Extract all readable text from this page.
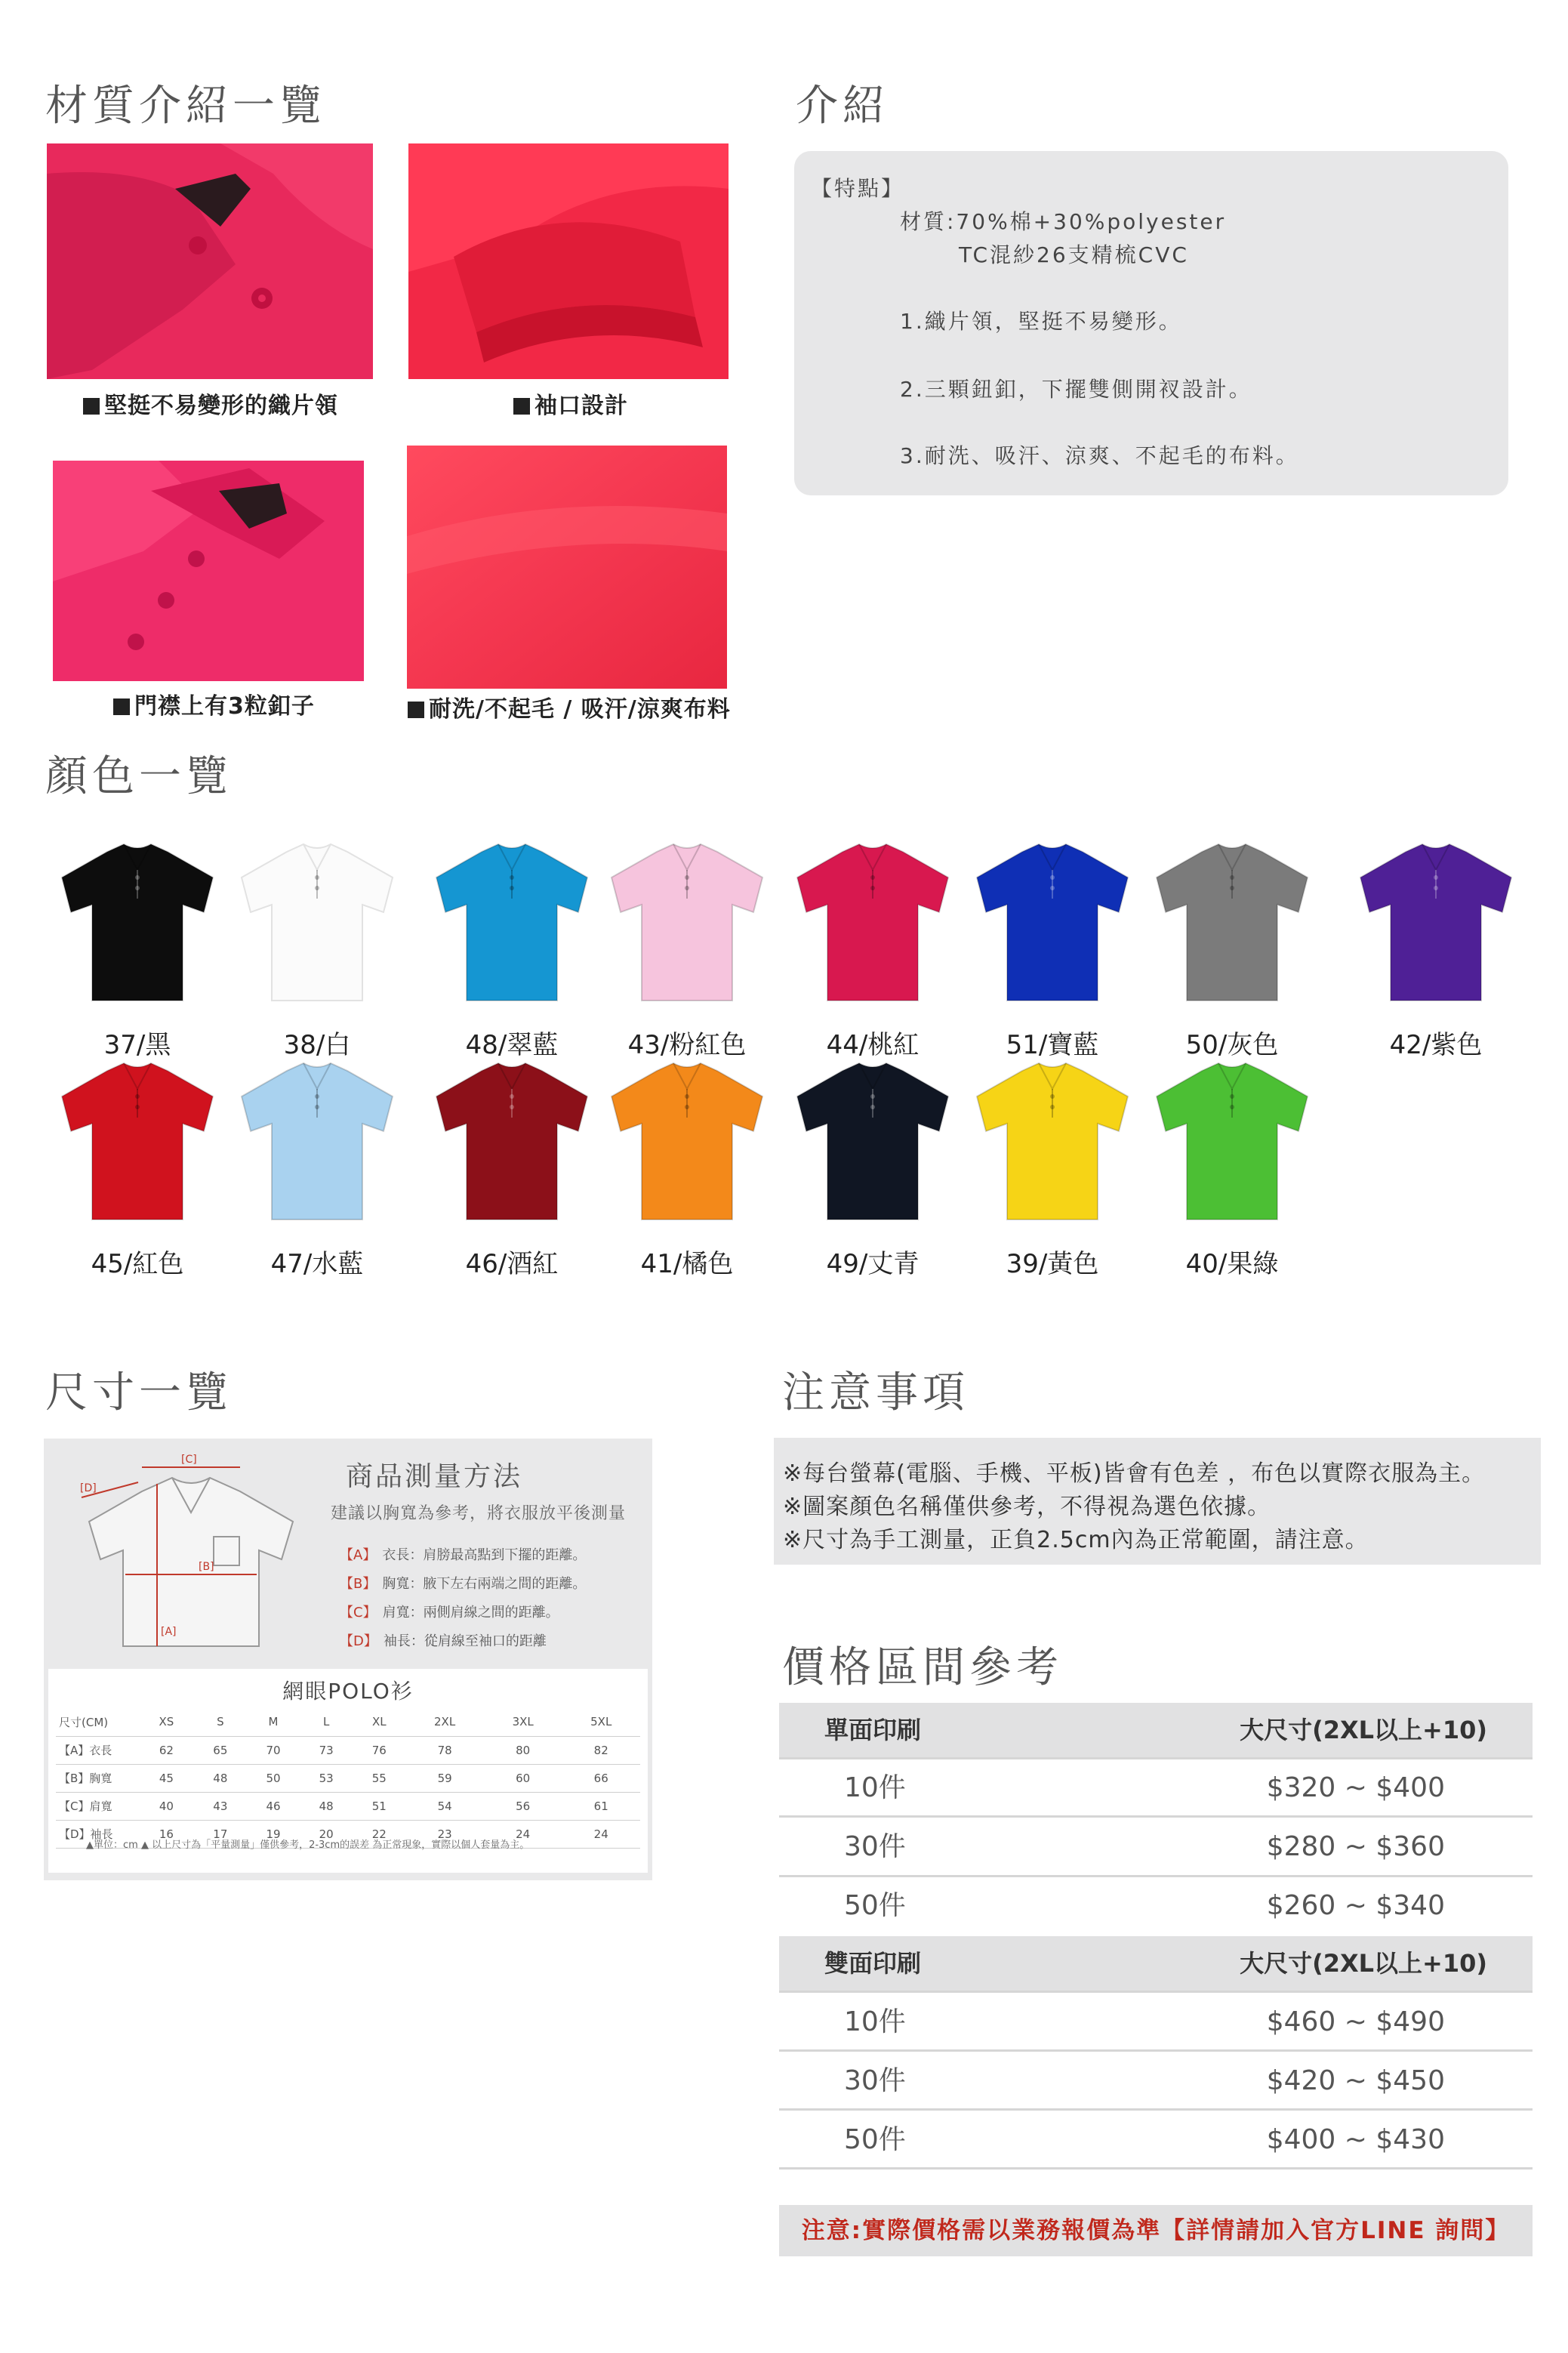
材質介紹一覽
堅挺不易變形的織片領	袖口設計
門襟上有3粒釦子	耐洗/不起毛 / 吸汗/涼爽布料
介紹
【特點】
材質:70%棉+30%polyester
TC混紗26支精梳CVC
1.織片領，堅挺不易變形。
2.三顆鈕釦，下擺雙側開衩設計。
3.耐洗、吸汗、涼爽、不起毛的布料。
顏色一覽
37/黑	38/白	48/翠藍	43/粉紅色	44/桃紅	51/寶藍	50/灰色	42/紫色
45/紅色	47/水藍	46/酒紅	41/橘色	49/丈青	39/黃色	40/果綠
尺寸一覽
[C]
[D]
[B]
[A]
商品測量方法
建議以胸寬為參考，將衣服放平後測量
【A】 衣長：肩膀最高點到下擺的距離。
【B】 胸寬：腋下左右兩端之間的距離。
【C】 肩寬：兩側肩線之間的距離。
【D】 袖長：從肩線至袖口的距離
網眼POLO衫
尺寸(CM)	XS	S	M	L	XL	2XL	3XL	5XL
【A】衣長	62	65	70	73	76	78	80	82
【B】胸寬	45	48	50	53	55	59	60	66
【C】肩寬	40	43	46	48	51	54	56	61
【D】袖長	16	17	19	20	22	23	24	24
▲單位：cm ▲ 以上尺寸為「平量測量」僅供參考，2-3cm的誤差 為正常現象，實際以個人套量為主。
注意事項
※每台螢幕(電腦、手機、平板)皆會有色差 ，布色以實際衣服為主。
※圖案顏色名稱僅供參考，不得視為選色依據。
※尺寸為手工測量，正負2.5cm內為正常範圍，請注意。
價格區間參考
單面印刷	大尺寸(2XL以上+10)
10件	$320 ~ $400
30件	$280 ~ $360
50件	$260 ~ $340
雙面印刷	大尺寸(2XL以上+10)
10件	$460 ~ $490
30件	$420 ~ $450
50件	$400 ~ $430
注意:實際價格需以業務報價為準【詳情請加入官方LINE 詢問】
